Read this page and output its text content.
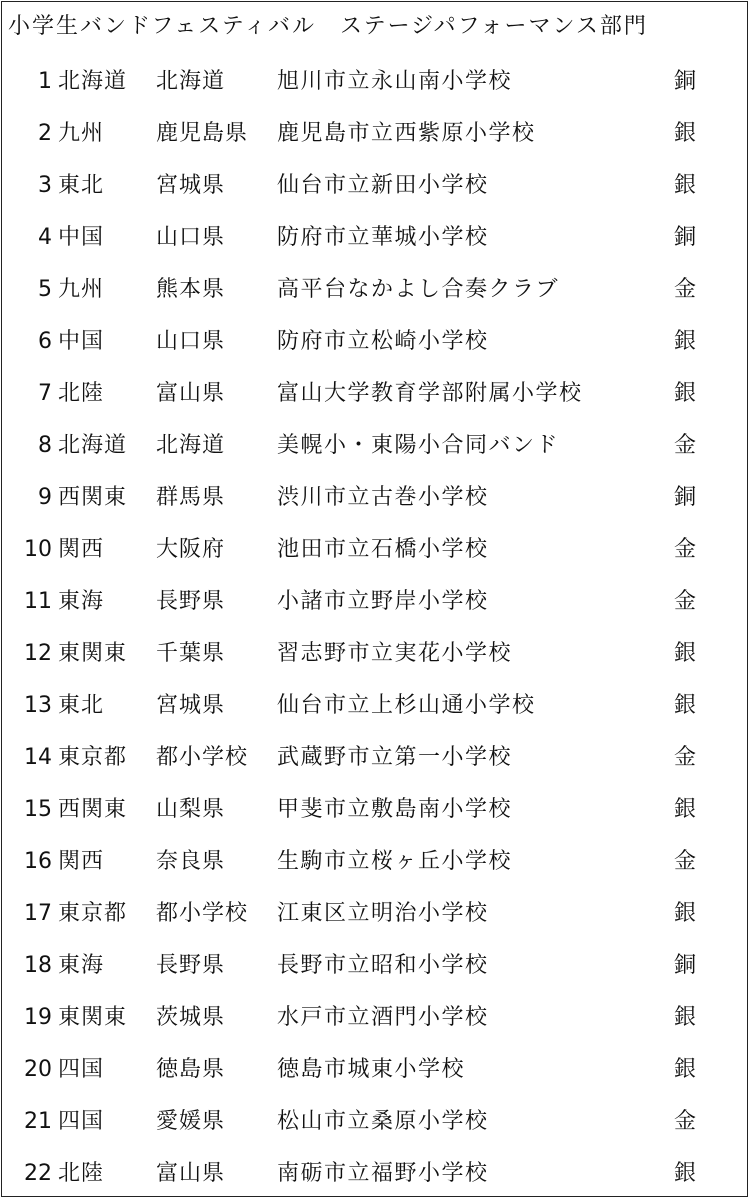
小学生バンドフェスティバル　ステージパフォーマンス部門
1 北海道 北海道 旭川市立永山南小学校	銅
2 九州 鹿児島県 鹿児島市立西紫原小学校	銀
3 東北 宮城県 仙台市立新田小学校	銀
4 中国 山口県 防府市立華城小学校	銅
5 九州 熊本県 高平台なかよし合奏クラブ	金
6 中国 山口県 防府市立松崎小学校	銀
7 北陸 富山県 富山大学教育学部附属小学校	銀
8 北海道 北海道 美幌小・東陽小合同バンド	金
9 西関東 群馬県 渋川市立古巻小学校	銅
10 関西 大阪府 池田市立石橋小学校	金
11 東海 長野県 小諸市立野岸小学校	金
12 東関東 千葉県 習志野市立実花小学校	銀
13 東北 宮城県 仙台市立上杉山通小学校	銀
14 東京都 都小学校 武蔵野市立第一小学校	金
15 西関東 山梨県 甲斐市立敷島南小学校	銀
16 関西 奈良県 生駒市立桜ヶ丘小学校	金
17 東京都 都小学校 江東区立明治小学校	銀
18 東海 長野県 長野市立昭和小学校	銅
19 東関東 茨城県 水戸市立酒門小学校	銀
20 四国 徳島県 徳島市城東小学校	銀
21 四国 愛媛県 松山市立桑原小学校	金
22 北陸 富山県 南砺市立福野小学校	銀
